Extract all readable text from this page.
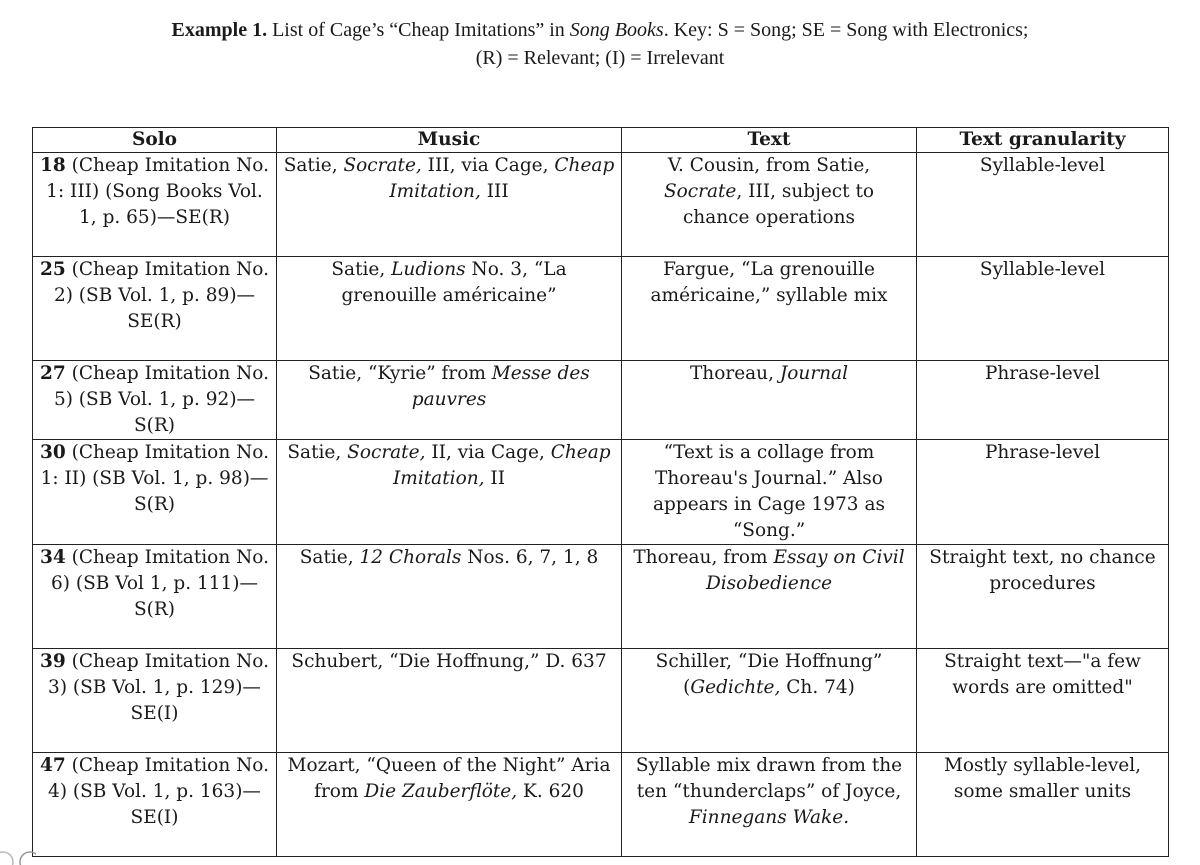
Example 1. List of Cage’s “Cheap Imitations” in Song Books. Key: S = Song; SE = Song with Electronics;
(R) = Relevant; (I) = Irrelevant
Solo	Music	Text	Text granularity
18 (Cheap Imitation No. 1: III) (Song Books Vol. 1, p. 65)—SE(R)	Satie, Socrate, III, via Cage, Cheap Imitation, III	V. Cousin, from Satie, Socrate, III, subject to chance operations	Syllable-level
25 (Cheap Imitation No. 2) (SB Vol. 1, p. 89)— SE(R)	Satie, Ludions No. 3, “La grenouille américaine”	Fargue, “La grenouille américaine,” syllable mix	Syllable-level
27 (Cheap Imitation No. 5) (SB Vol. 1, p. 92)—S(R)	Satie, “Kyrie” from Messe des pauvres	Thoreau, Journal	Phrase-level
30 (Cheap Imitation No. 1: II) (SB Vol. 1, p. 98)—S(R)	Satie, Socrate, II, via Cage, Cheap Imitation, II	“Text is a collage from Thoreau's Journal.” Also appears in Cage 1973 as “Song.”	Phrase-level
34 (Cheap Imitation No. 6) (SB Vol 1, p. 111)— S(R)	Satie, 12 Chorals Nos. 6, 7, 1, 8	Thoreau, from Essay on Civil Disobedience	Straight text, no chance procedures
39 (Cheap Imitation No. 3) (SB Vol. 1, p. 129)— SE(I)	Schubert, “Die Hoffnung,” D. 637	Schiller, “Die Hoffnung” (Gedichte, Ch. 74)	Straight text—"a few words are omitted"
47 (Cheap Imitation No. 4) (SB Vol. 1, p. 163)— SE(I)	Mozart, “Queen of the Night” Aria from Die Zauberflöte, K. 620	Syllable mix drawn from the ten “thunderclaps” of Joyce, Finnegans Wake.	Mostly syllable-level, some smaller units
